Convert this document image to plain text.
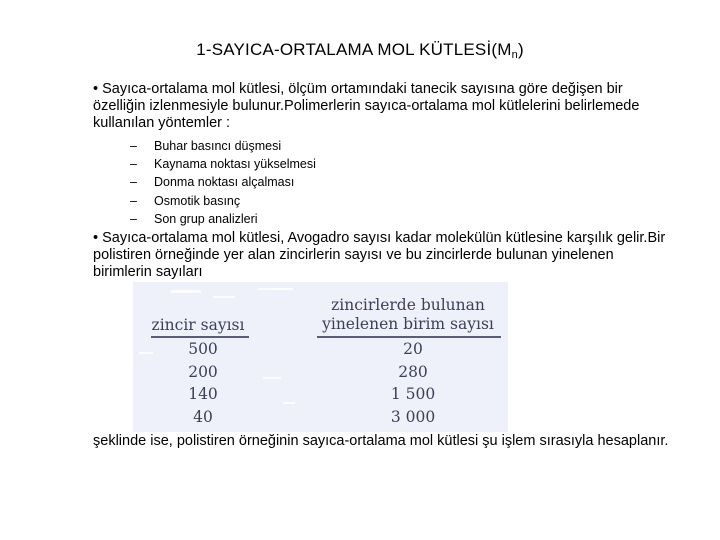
1-SAYICA-ORTALAMA MOL $KÜTLESİ(M_n)$

• Sayıca-ortalama mol kütlesi, ölçüm ortamındaki tanecik sayısına göre değişen bir özelliğin izlenmesiyle bulunur.Polimerlerin sayıca-ortalama mol kütlelerini belirlemede kullanılan yöntemler :

– Buhar basıncı düşmesi
– Kaynama noktası yükselmesi
– Donma noktası alçalması
– Osmotik basınç
– Son grup analizleri

• Sayıca-ortalama mol kütlesi, Avogadro sayısı kadar molekülün kütlesine karşılık gelir.Bir polistiren örneğinde yer alan zincirlerin sayısı ve bu zincirlerde bulunan yinelenen birimlerin sayıları

zincir sayısı
zincirlerde bulunan
yinelenen birim sayısı
500
200
140
40
20
280
1 500
3 000

şeklinde ise, polistiren örneğinin sayıca-ortalama mol kütlesi şu işlem sırasıyla hesaplanır.
